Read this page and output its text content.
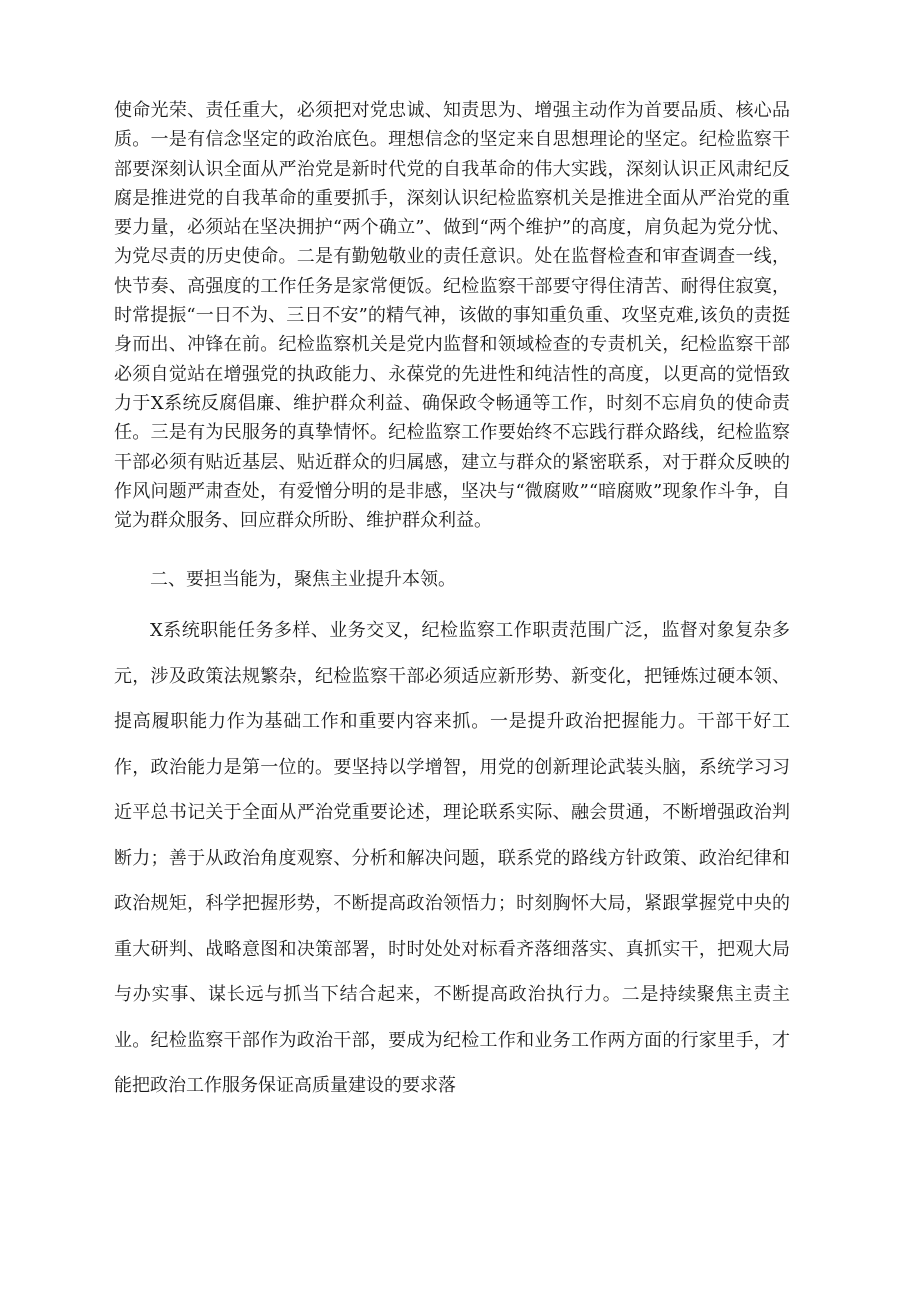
使命光荣、责任重大，必须把对党忠诚、知责思为、增强主动作为首要品质、核心品质。一是有信念坚定的政治底色。理想信念的坚定来自思想理论的坚定。纪检监察干部要深刻认识全面从严治党是新时代党的自我革命的伟大实践，深刻认识正风肃纪反腐是推进党的自我革命的重要抓手，深刻认识纪检监察机关是推进全面从严治党的重要力量，必须站在坚决拥护“两个确立”、做到“两个维护”的高度，肩负起为党分忧、为党尽责的历史使命。二是有勤勉敬业的责任意识。处在监督检查和审查调查一线，快节奏、高强度的工作任务是家常便饭。纪检监察干部要守得住清苦、耐得住寂寞，时常提振“一日不为、三日不安”的精气神，该做的事知重负重、攻坚克难,该负的责挺身而出、冲锋在前。纪检监察机关是党内监督和领域检查的专责机关，纪检监察干部必须自觉站在增强党的执政能力、永葆党的先进性和纯洁性的高度，以更高的觉悟致力于X系统反腐倡廉、维护群众利益、确保政令畅通等工作，时刻不忘肩负的使命责任。三是有为民服务的真挚情怀。纪检监察工作要始终不忘践行群众路线，纪检监察干部必须有贴近基层、贴近群众的归属感，建立与群众的紧密联系，对于群众反映的作风问题严肃查处，有爱憎分明的是非感，坚决与“微腐败”“暗腐败”现象作斗争，自觉为群众服务、回应群众所盼、维护群众利益。

二、要担当能为，聚焦主业提升本领。

X系统职能任务多样、业务交叉，纪检监察工作职责范围广泛，监督对象复杂多元，涉及政策法规繁杂，纪检监察干部必须适应新形势、新变化，把锤炼过硬本领、提高履职能力作为基础工作和重要内容来抓。一是提升政治把握能力。干部干好工作，政治能力是第一位的。要坚持以学增智，用党的创新理论武装头脑，系统学习习近平总书记关于全面从严治党重要论述，理论联系实际、融会贯通，不断增强政治判断力；善于从政治角度观察、分析和解决问题，联系党的路线方针政策、政治纪律和政治规矩，科学把握形势，不断提高政治领悟力；时刻胸怀大局，紧跟掌握党中央的重大研判、战略意图和决策部署，时时处处对标看齐落细落实、真抓实干，把观大局与办实事、谋长远与抓当下结合起来，不断提高政治执行力。二是持续聚焦主责主业。纪检监察干部作为政治干部，要成为纪检工作和业务工作两方面的行家里手，才能把政治工作服务保证高质量建设的要求落
